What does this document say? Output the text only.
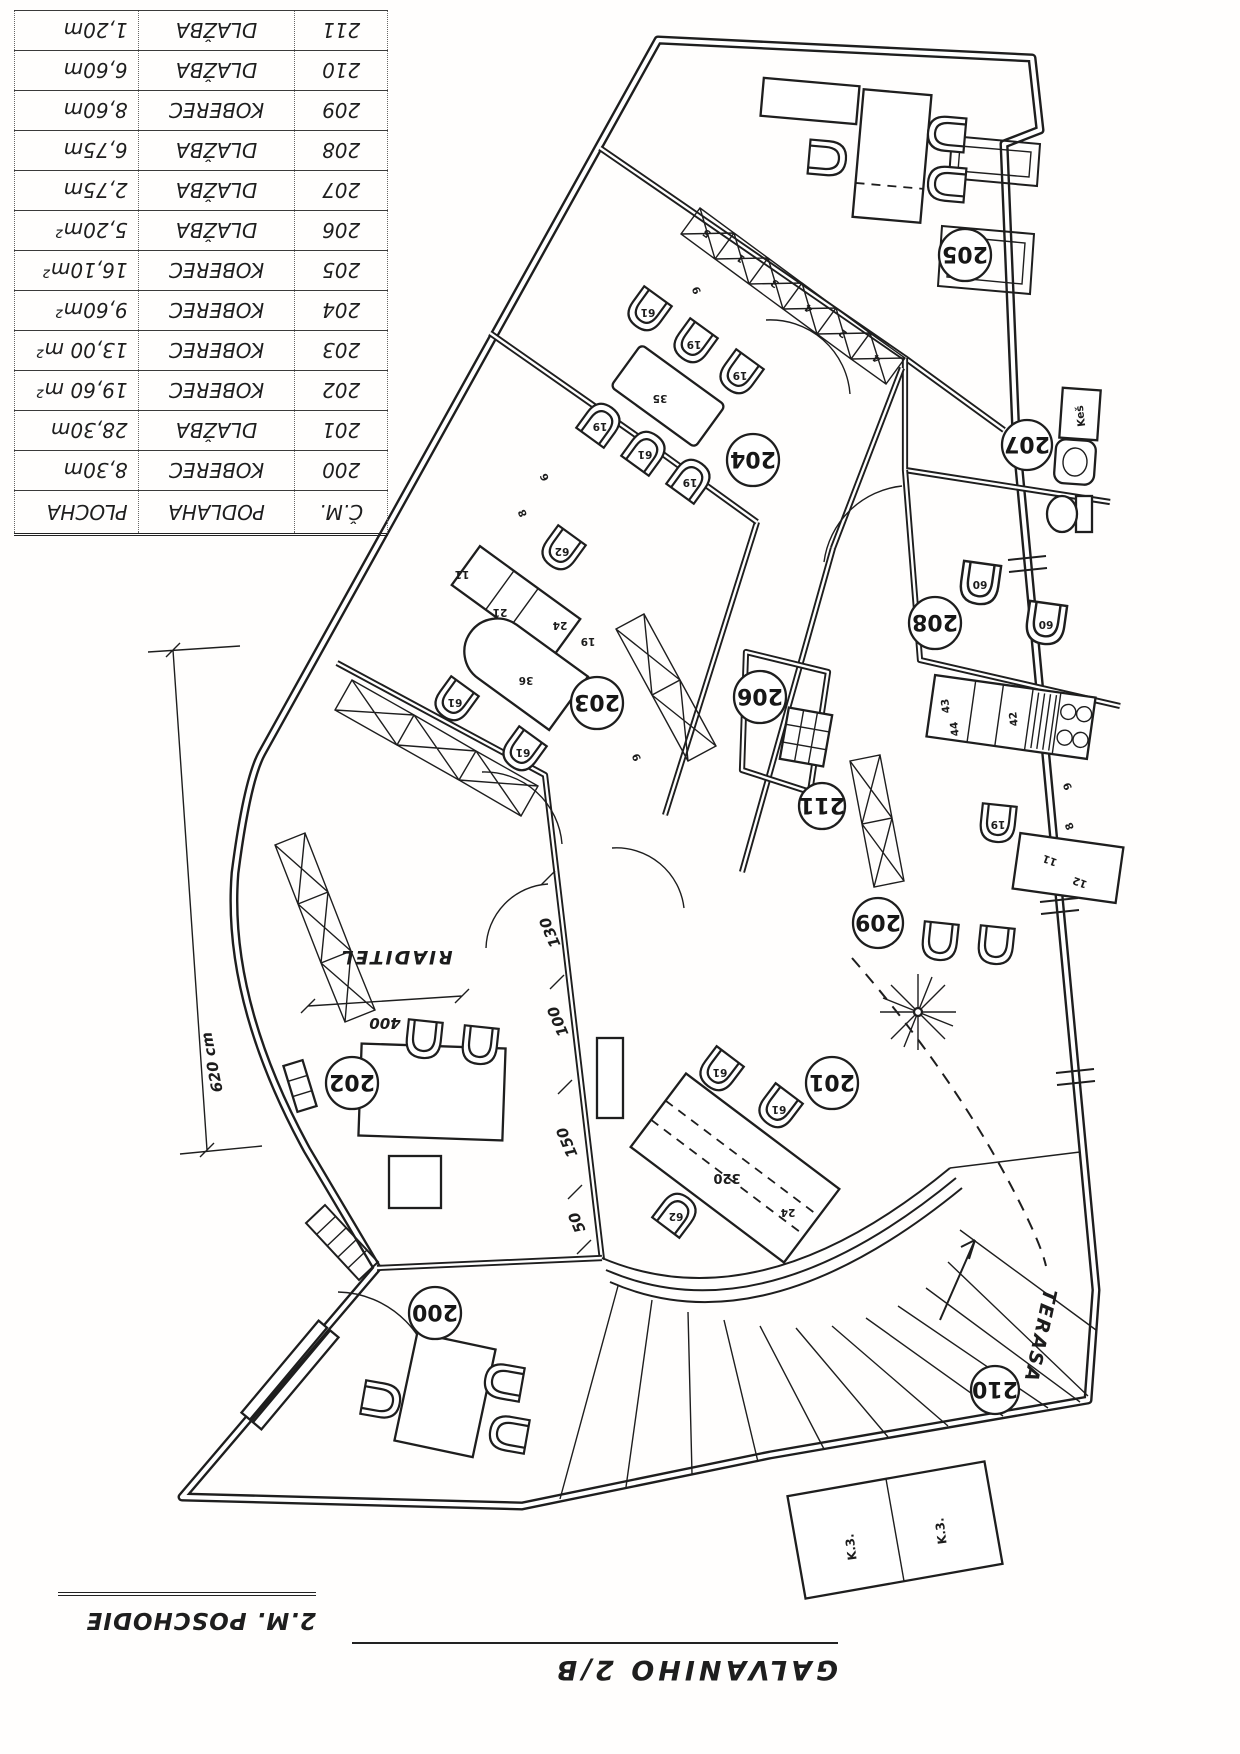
5
1
3
4
2
4
35
61
19
19
19
61
19
21
24
19
11
36
61
61
62
320
24
61
61
62
Keš
60
60
43
44
42
11
12
19
9
8
620 cm
400
130
100
150
50
6
8
9
9
RIADITEL
TERASA
K.3.
K.3.
205
204
207
208
206
203
211
209
202	201
200
210
Č.M.	PODLAHA	PLOCHA
200	KOBEREC	8,30m
201	DLAŽBA	28,30m
202	KOBEREC	19,60 m²
203	KOBEREC	13,00 m²
204	KOBEREC	9,60m²
205	KOBEREC	16,10m²
206	DLAŽBA	5,20m²
207	DLAŽBA	2,75m
208	DLAŽBA	6,75m
209	KOBEREC	8,60m
210	DLAŽBA	6,60m
211	DLAŽBA	1,20m
2.M. POSCHODIE
GALVANIHO 2/B
